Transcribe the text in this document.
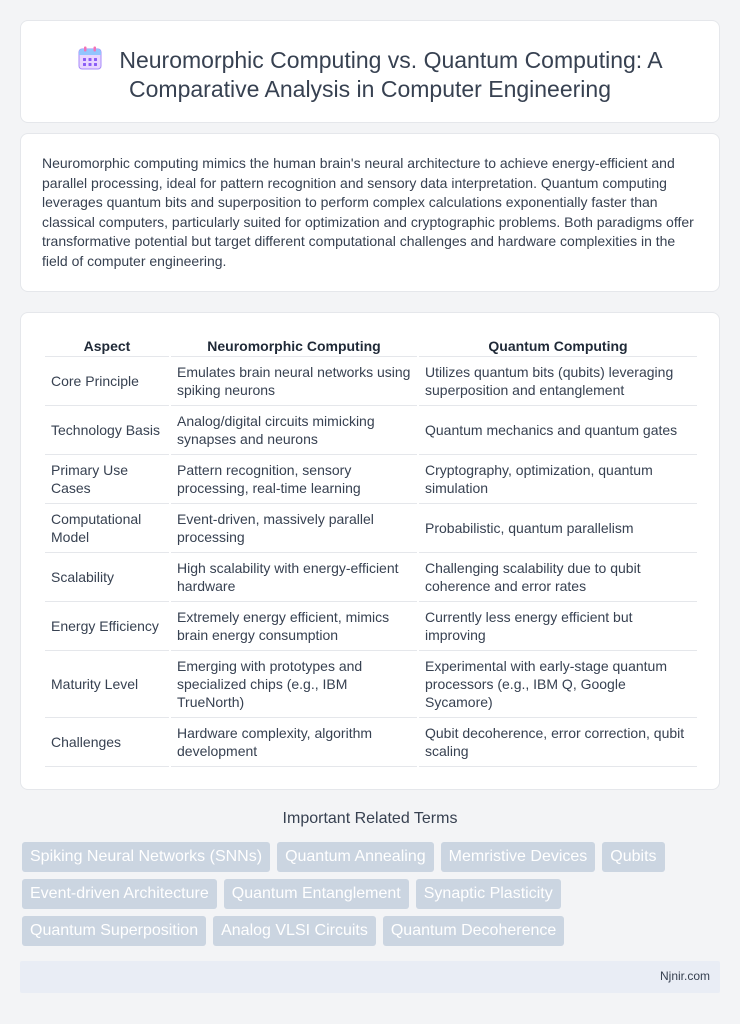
Neuromorphic Computing vs. Quantum Computing: A Comparative Analysis in Computer Engineering

Neuromorphic computing mimics the human brain's neural architecture to achieve energy-efficient and parallel processing, ideal for pattern recognition and sensory data interpretation. Quantum computing leverages quantum bits and superposition to perform complex calculations exponentially faster than classical computers, particularly suited for optimization and cryptographic problems. Both paradigms offer transformative potential but target different computational challenges and hardware complexities in the field of computer engineering.

Aspect	Neuromorphic Computing	Quantum Computing
Core Principle	Emulates brain neural networks using spiking neurons	Utilizes quantum bits (qubits) leveraging superposition and entanglement
Technology Basis	Analog/digital circuits mimicking synapses and neurons	Quantum mechanics and quantum gates
Primary Use Cases	Pattern recognition, sensory processing, real-time learning	Cryptography, optimization, quantum simulation
Computational Model	Event-driven, massively parallel processing	Probabilistic, quantum parallelism
Scalability	High scalability with energy-efficient hardware	Challenging scalability due to qubit coherence and error rates
Energy Efficiency	Extremely energy efficient, mimics brain energy consumption	Currently less energy efficient but improving
Maturity Level	Emerging with prototypes and specialized chips (e.g., IBM TrueNorth)	Experimental with early-stage quantum processors (e.g., IBM Q, Google Sycamore)
Challenges	Hardware complexity, algorithm development	Qubit decoherence, error correction, qubit scaling
Important Related Terms
Spiking Neural Networks (SNNs)	Quantum Annealing	Memristive Devices	Qubits
Event-driven Architecture	Quantum Entanglement	Synaptic Plasticity
Quantum Superposition	Analog VLSI Circuits	Quantum Decoherence
Njnir.com
